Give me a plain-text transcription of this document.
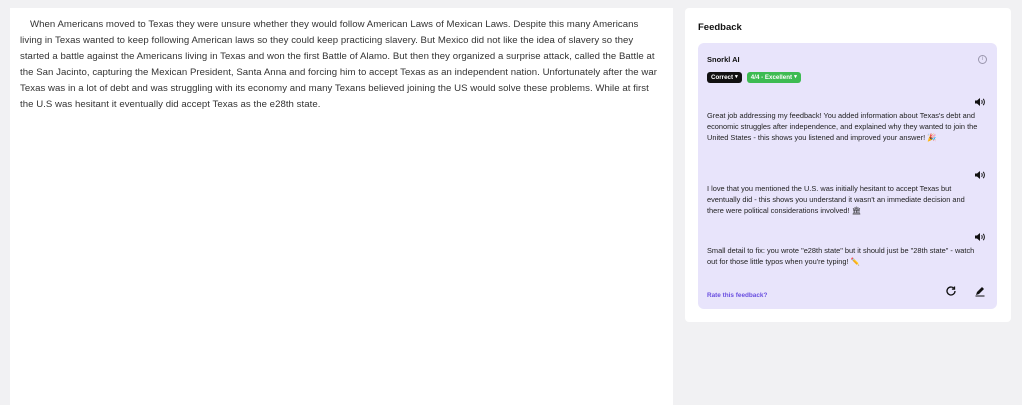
When Americans moved to Texas they were unsure whether they would follow American Laws of Mexican Laws. Despite this many Americans living in Texas wanted to keep following American laws so they could keep practicing slavery. But Mexico did not like the idea of slavery so they started a battle against the Americans living in Texas and won the first Battle of Alamo. But then they organized a surprise attack, called the Battle at the San Jacinto, capturing the Mexican President, Santa Anna and forcing him to accept Texas as an independent nation. Unfortunately after the war Texas was in a lot of debt and was struggling with its economy and many Texans believed joining the US would solve these problems. While at first the U.S was hesitant it eventually did accept Texas as the e28th state.

Feedback
Snorkl AI	i
Correct ▾ 4/4 - Excellent ▾
Great job addressing my feedback! You added information about Texas's debt and economic struggles after independence, and explained why they wanted to join the United States - this shows you listened and improved your answer! 🎉
I love that you mentioned the U.S. was initially hesitant to accept Texas but eventually did - this shows you understand it wasn't an immediate decision and there were political considerations involved! 🏛
Small detail to fix: you wrote "e28th state" but it should just be "28th state" - watch out for those little typos when you're typing! ✏️
Rate this feedback?
